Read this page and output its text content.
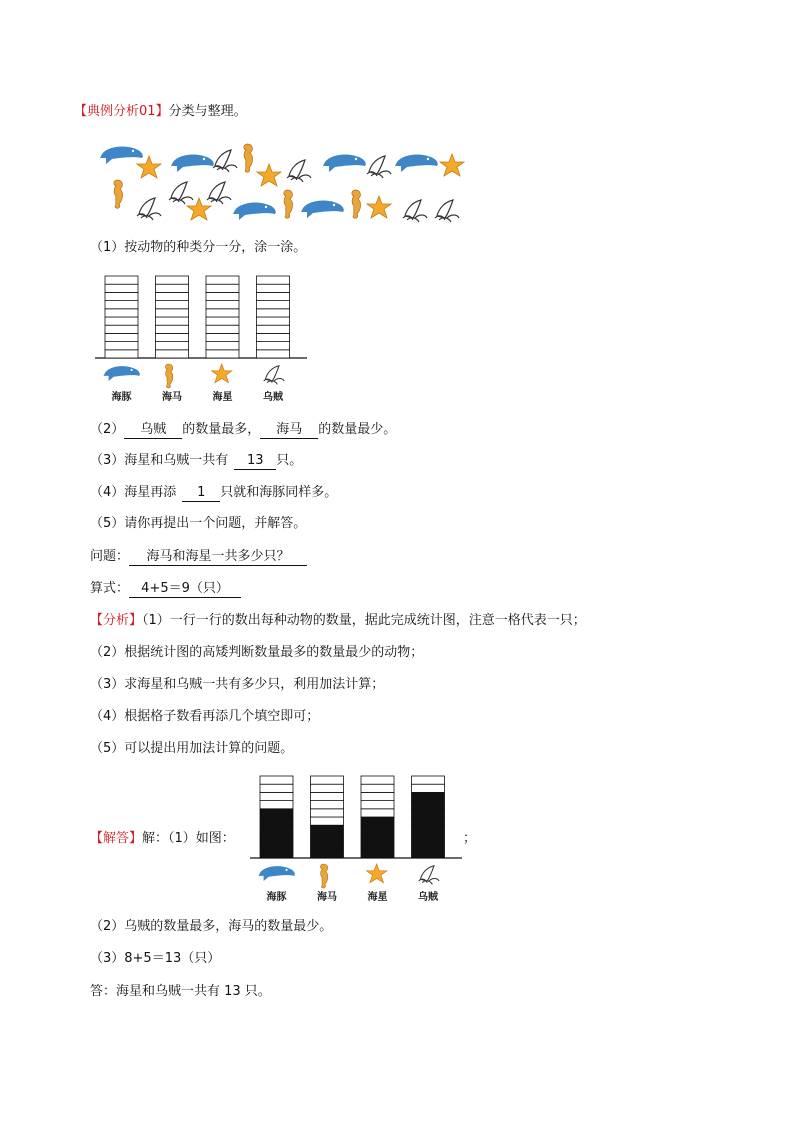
【典例分析01】分类与整理。
（1）按动物的种类分一分，涂一涂。
海豚	海马	海星	乌贼
（2） 乌贼 的数量最多， 海马 的数量最少。
（3）海星和乌贼一共有 13 只。
（4）海星再添 1 只就和海豚同样多。
（5）请你再提出一个问题，并解答。
问题： 海马和海星一共多少只？
算式： 4+5＝9（只）
【分析】（1）一行一行的数出每种动物的数量，据此完成统计图，注意一格代表一只；
（2）根据统计图的高矮判断数量最多的数量最少的动物；
（3）求海星和乌贼一共有多少只，利用加法计算；
（4）根据格子数看再添几个填空即可；
（5）可以提出用加法计算的问题。
【解答】解：（1）如图：
海豚	海马	海星	乌贼
；
（2）乌贼的数量最多，海马的数量最少。
（3）8+5＝13（只）
答：海星和乌贼一共有 13 只。
